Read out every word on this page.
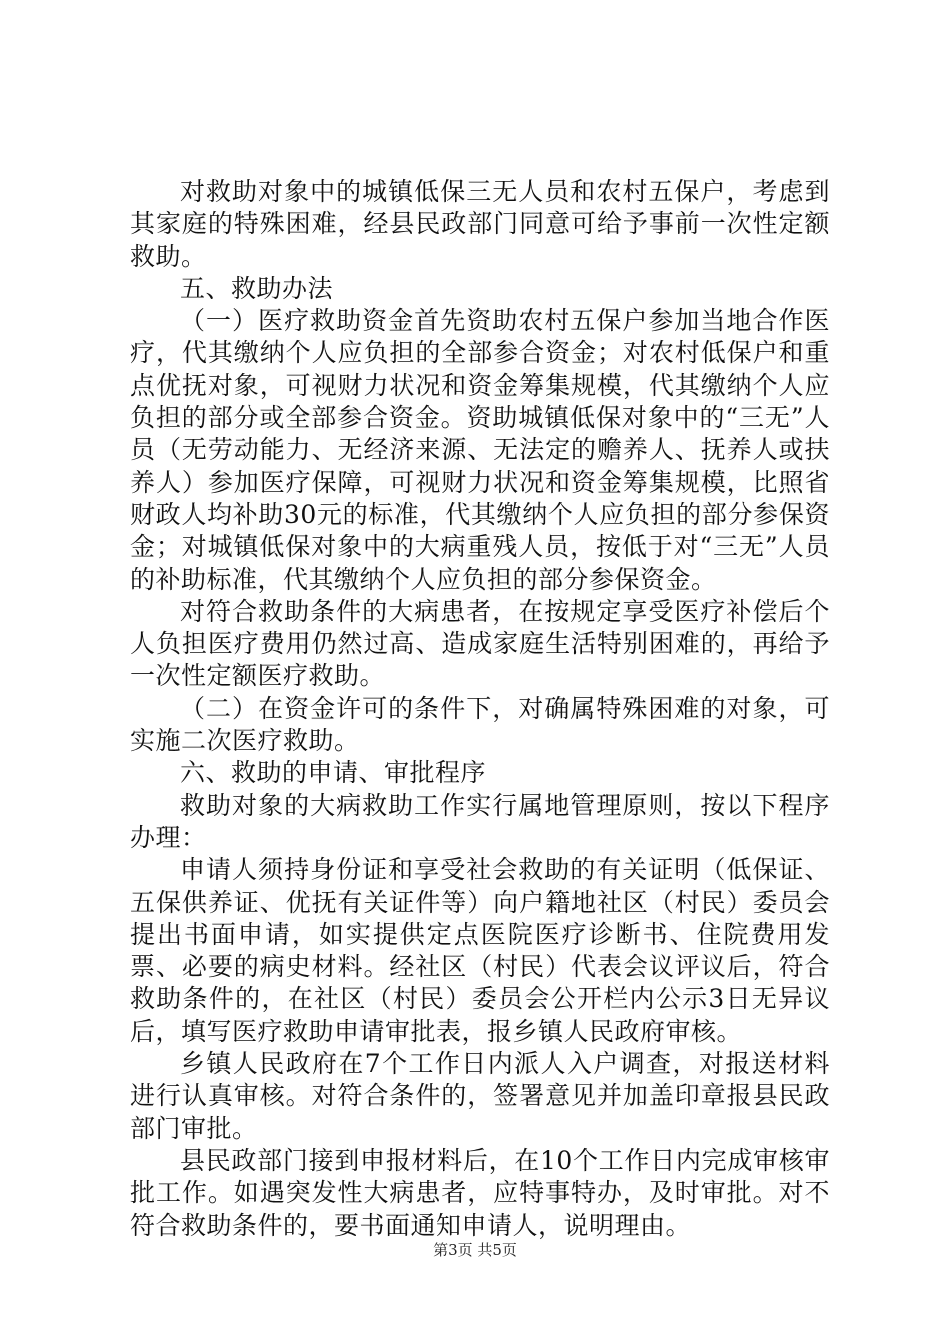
对救助对象中的城镇低保三无人员和农村五保户，考虑到其家庭的特殊困难，经县民政部门同意可给予事前一次性定额救助。

五、救助办法

（一）医疗救助资金首先资助农村五保户参加当地合作医疗，代其缴纳个人应负担的全部参合资金；对农村低保户和重点优抚对象，可视财力状况和资金筹集规模，代其缴纳个人应负担的部分或全部参合资金。资助城镇低保对象中的“三无”人员（无劳动能力、无经济来源、无法定的赡养人、抚养人或扶养人）参加医疗保障，可视财力状况和资金筹集规模，比照省财政人均补助30元的标准，代其缴纳个人应负担的部分参保资金；对城镇低保对象中的大病重残人员，按低于对“三无”人员的补助标准，代其缴纳个人应负担的部分参保资金。

对符合救助条件的大病患者，在按规定享受医疗补偿后个人负担医疗费用仍然过高、造成家庭生活特别困难的，再给予一次性定额医疗救助。

（二）在资金许可的条件下，对确属特殊困难的对象，可实施二次医疗救助。

六、救助的申请、审批程序

救助对象的大病救助工作实行属地管理原则，按以下程序办理：

申请人须持身份证和享受社会救助的有关证明（低保证、五保供养证、优抚有关证件等）向户籍地社区（村民）委员会提出书面申请，如实提供定点医院医疗诊断书、住院费用发票、必要的病史材料。经社区（村民）代表会议评议后，符合救助条件的，在社区（村民）委员会公开栏内公示3日无异议后，填写医疗救助申请审批表，报乡镇人民政府审核。

乡镇人民政府在7个工作日内派人入户调查，对报送材料进行认真审核。对符合条件的，签署意见并加盖印章报县民政部门审批。

县民政部门接到申报材料后，在10个工作日内完成审核审批工作。如遇突发性大病患者，应特事特办，及时审批。对不符合救助条件的，要书面通知申请人，说明理由。

第3页 共5页
